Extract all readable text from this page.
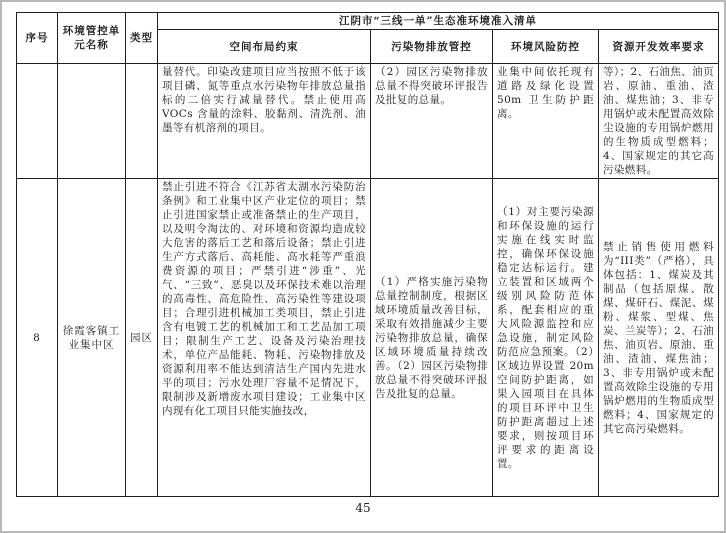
序号	环境管控单元名称	类型	江阴市“三线一单”生态准环境准入清单			
			空间布局约束	污染物排放管控	环境风险防控	资源开发效率要求
			量替代。印染改建项目应当按照不低于该项目磷、氮等重点水污染物年排放总量指标的二倍实行减量替代。禁止使用高 VOCs 含量的涂料、胶黏剂、清洗剂、油墨等有机溶剂的项目。	（2）园区污染物排放总量不得突破环评报告及批复的总量。	业集中间依托现有道路及绿化设置 50m 卫生防护距离。	等）；2、石油焦、油页岩、原油、重油、渣油、煤焦油；3、非专用锅炉或未配置高效除尘设施的专用锅炉燃用的生物质成型燃料；4、国家规定的其它高污染燃料。
8	徐霞客镇工业集中区	园区	禁止引进不符合《江苏省太湖水污染防治条例》和工业集中区产业定位的项目；禁止引进国家禁止或准备禁止的生产项目，以及明令淘汰的、对环境和资源均造成较大危害的落后工艺和落后设备；禁止引进生产方式落后、高耗能、高水耗等严重浪费资源的项目；严禁引进“涉重”、光气、“三致”、恶臭以及环保技术难以治理的高毒性、高危险性、高污染性等建设项目；合理引进机械加工类项目，禁止引进含有电镀工艺的机械加工和工艺品加工项目；限制生产工艺、设备及污染治理技术，单位产品能耗、物耗、污染物排放及资源利用率不能达到清洁生产国内先进水平的项目；污水处理厂容量不足情况下，限制涉及新增废水项目建设；工业集中区内现有化工项目只能实施技改，	（1）严格实施污染物总量控制制度，根据区域环境质量改善目标，采取有效措施减少主要污染物排放总量，确保区域环境质量持续改善。（2）园区污染物排放总量不得突破环评报告及批复的总量。	（1）对主要污染源和环保设施的运行实施在线实时监控，确保环保设施稳定达标运行。建立装置和区域两个级别风险防范体系，配套相应的重大风险源监控和应急设施，制定风险防范应急预案。（2）区域边界设置 20m 空间防护距离，如果入园项目在具体的项目环评中卫生防护距离超过上述要求，则按项目环评要求的距离设置。	禁止销售使用燃料为“III类”（严格），具体包括：1、煤炭及其制品（包括原煤、散煤、煤矸石、煤泥、煤粉、煤浆、型煤、焦炭、兰炭等）；2、石油焦、油页岩、原油、重油、渣油、煤焦油；3、非专用锅炉或未配置高效除尘设施的专用锅炉燃用的生物质成型燃料；4、国家规定的其它高污染燃料。
45
